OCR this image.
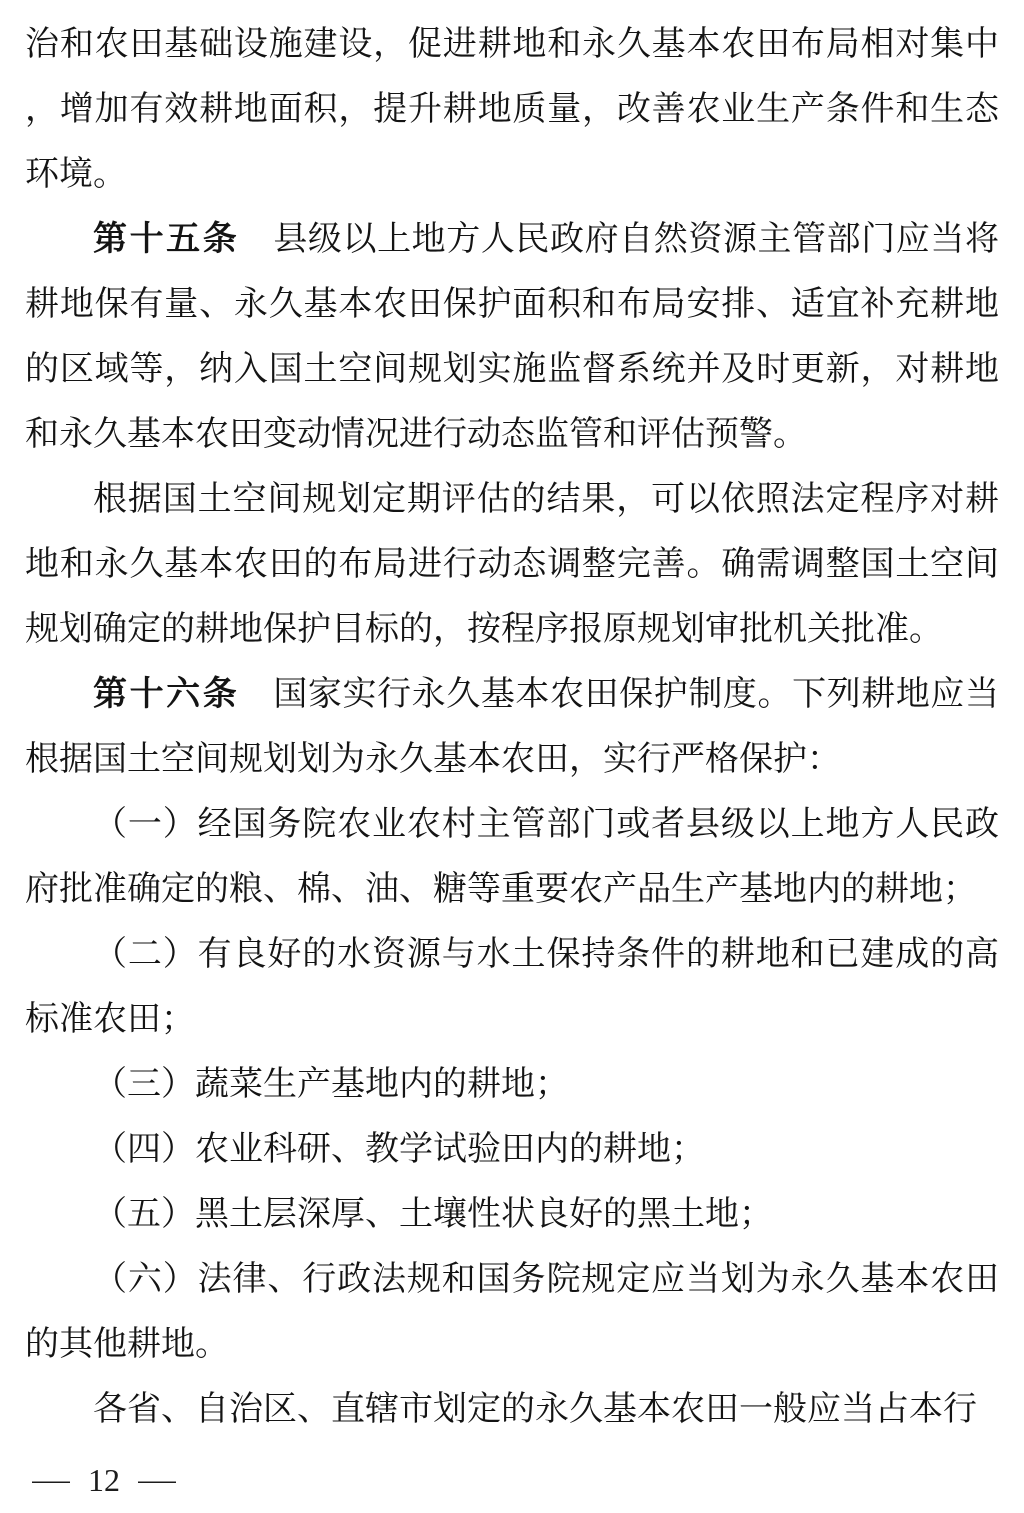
治和农田基础设施建设，促进耕地和永久基本农田布局相对集中，增加有效耕地面积，提升耕地质量，改善农业生产条件和生态环境。

第十五条 县级以上地方人民政府自然资源主管部门应当将耕地保有量、永久基本农田保护面积和布局安排、适宜补充耕地的区域等，纳入国土空间规划实施监督系统并及时更新，对耕地和永久基本农田变动情况进行动态监管和评估预警。

根据国土空间规划定期评估的结果，可以依照法定程序对耕地和永久基本农田的布局进行动态调整完善。确需调整国土空间规划确定的耕地保护目标的，按程序报原规划审批机关批准。

第十六条 国家实行永久基本农田保护制度。下列耕地应当根据国土空间规划划为永久基本农田，实行严格保护：

（一）经国务院农业农村主管部门或者县级以上地方人民政府批准确定的粮、棉、油、糖等重要农产品生产基地内的耕地；

（二）有良好的水资源与水土保持条件的耕地和已建成的高标准农田；

（三）蔬菜生产基地内的耕地；

（四）农业科研、教学试验田内的耕地；

（五）黑土层深厚、土壤性状良好的黑土地；

（六）法律、行政法规和国务院规定应当划为永久基本农田的其他耕地。

各省、自治区、直辖市划定的永久基本农田一般应当占本行

— 12 —
